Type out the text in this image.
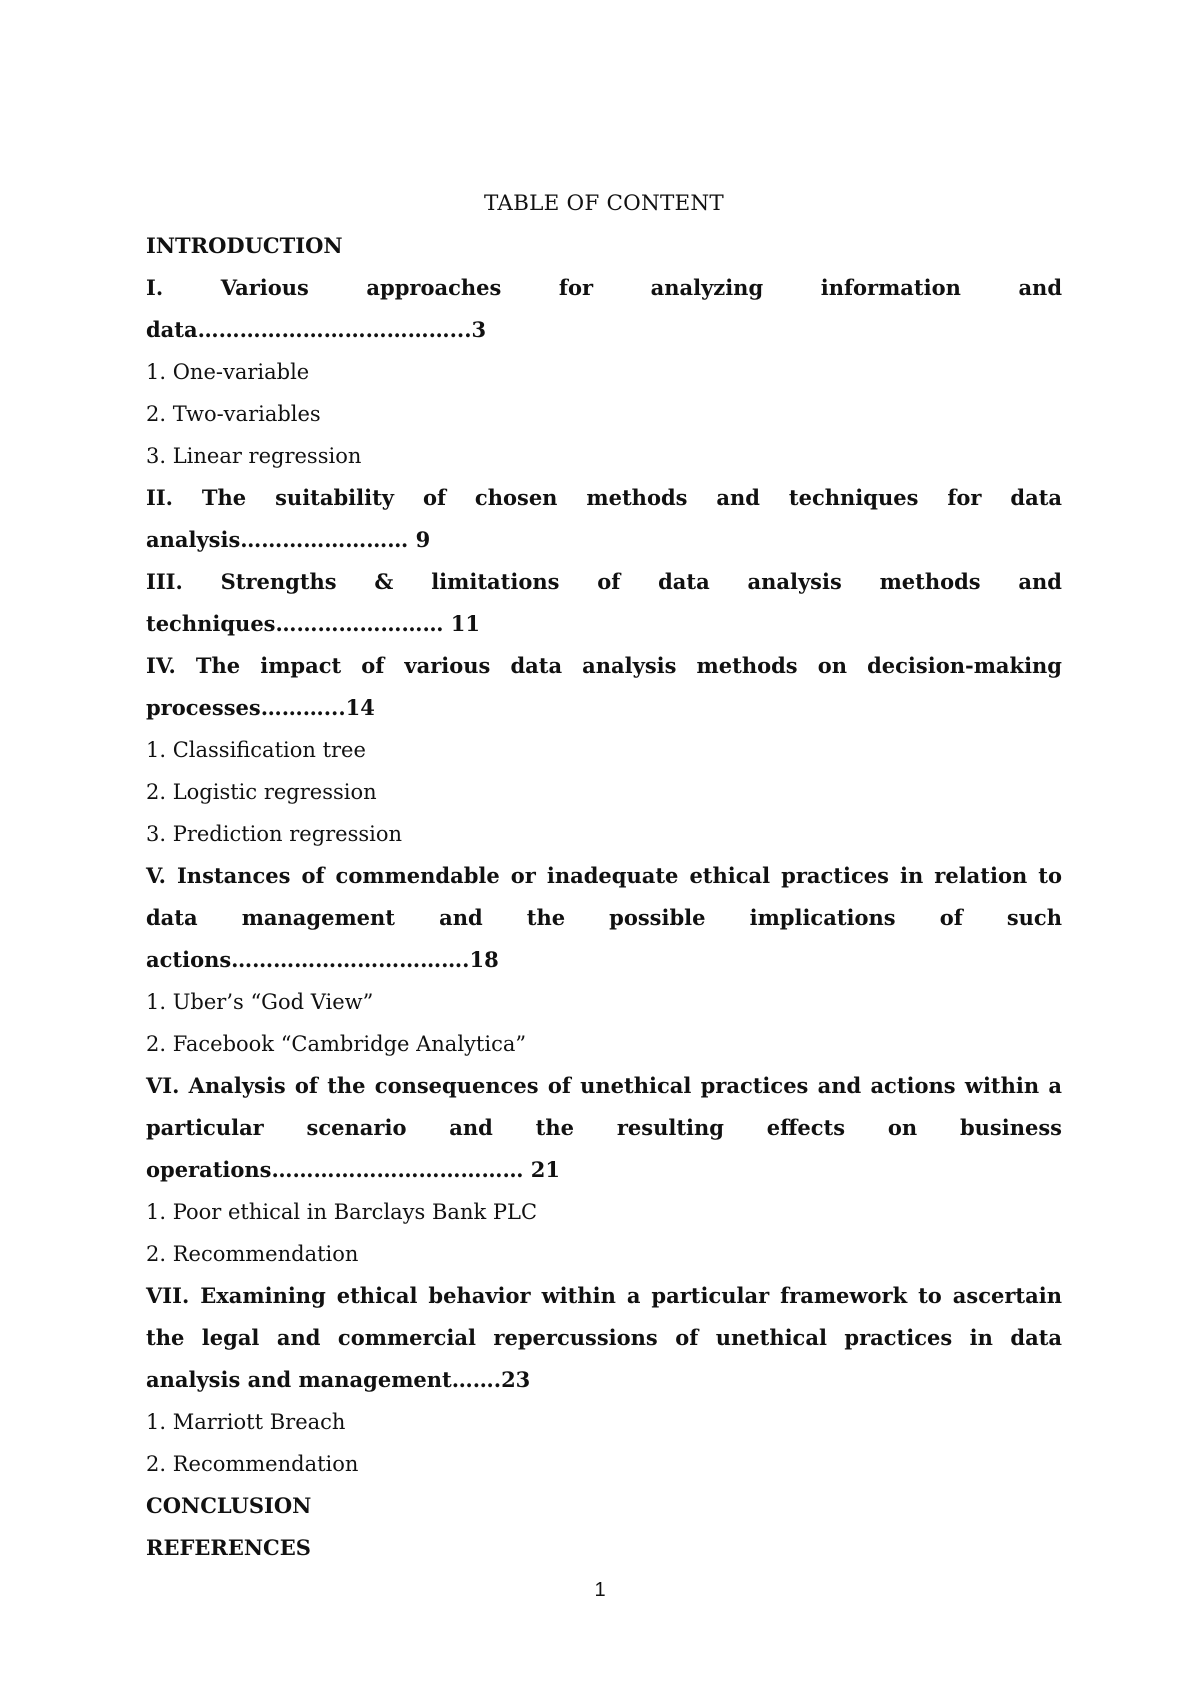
TABLE OF CONTENT

INTRODUCTION

I. Various approaches for analyzing information and data………………………………...3

1. One-variable

2. Two-variables

3. Linear regression

II. The suitability of chosen methods and techniques for data analysis…………………… 9

III. Strengths & limitations of data analysis methods and techniques…………………… 11

IV. The impact of various data analysis methods on decision-making processes………...14

1. Classification tree

2. Logistic regression

3. Prediction regression

V. Instances of commendable or inadequate ethical practices in relation to data management and the possible implications of such actions…………………………….18

1. Uber’s “God View”

2. Facebook “Cambridge Analytica”

VI. Analysis of the consequences of unethical practices and actions within a particular scenario and the resulting effects on business operations……………………………… 21

1. Poor ethical in Barclays Bank PLC

2. Recommendation

VII. Examining ethical behavior within a particular framework to ascertain the legal and commercial repercussions of unethical practices in data analysis and management…….23

1. Marriott Breach

2. Recommendation

CONCLUSION

REFERENCES

1
